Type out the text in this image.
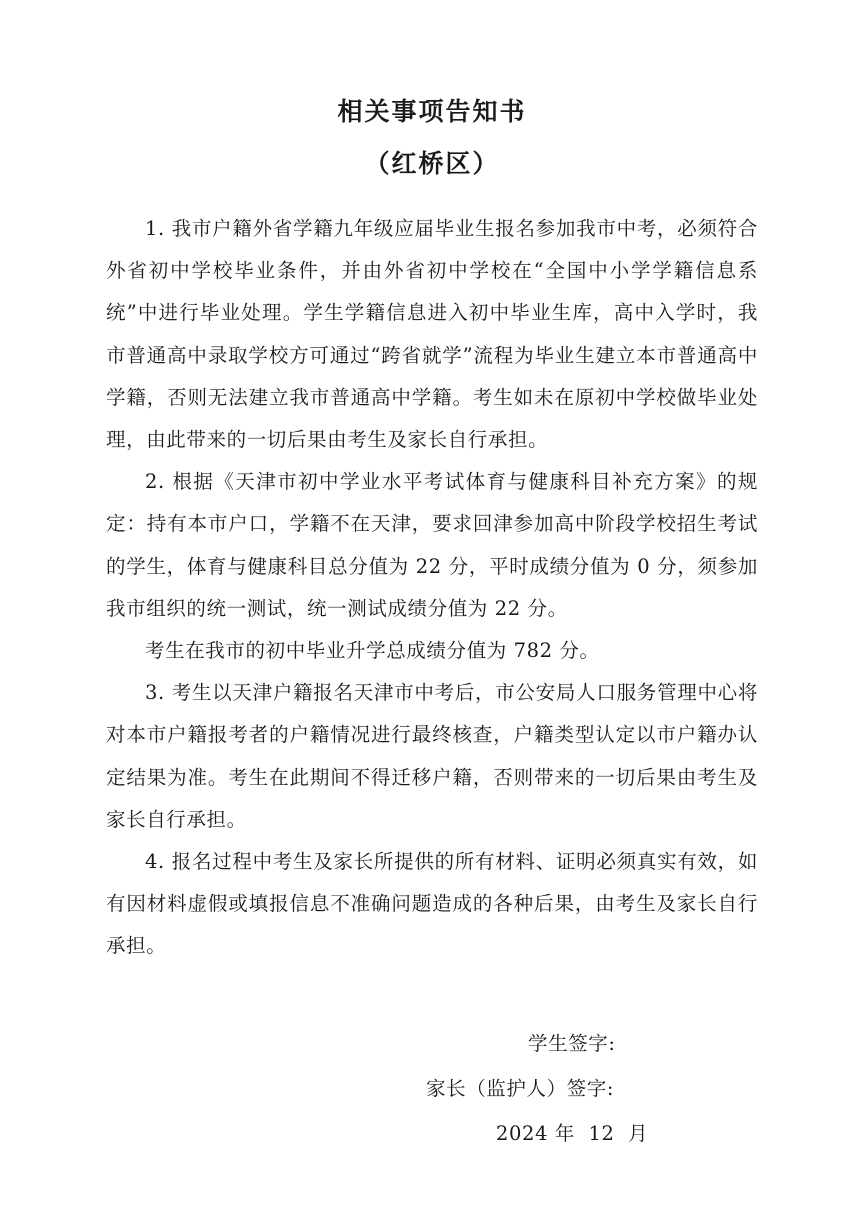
相关事项告知书
（红桥区）

1. 我市户籍外省学籍九年级应届毕业生报名参加我市中考，必须符合外省初中学校毕业条件，并由外省初中学校在“全国中小学学籍信息系统”中进行毕业处理。学生学籍信息进入初中毕业生库，高中入学时，我市普通高中录取学校方可通过“跨省就学”流程为毕业生建立本市普通高中学籍，否则无法建立我市普通高中学籍。考生如未在原初中学校做毕业处理，由此带来的一切后果由考生及家长自行承担。

2. 根据《天津市初中学业水平考试体育与健康科目补充方案》的规定：持有本市户口，学籍不在天津，要求回津参加高中阶段学校招生考试的学生，体育与健康科目总分值为 22 分，平时成绩分值为 0 分，须参加我市组织的统一测试，统一测试成绩分值为 22 分。

考生在我市的初中毕业升学总成绩分值为 782 分。

3. 考生以天津户籍报名天津市中考后，市公安局人口服务管理中心将对本市户籍报考者的户籍情况进行最终核查，户籍类型认定以市户籍办认定结果为准。考生在此期间不得迁移户籍，否则带来的一切后果由考生及家长自行承担。

4. 报名过程中考生及家长所提供的所有材料、证明必须真实有效，如有因材料虚假或填报信息不准确问题造成的各种后果，由考生及家长自行承担。

学生签字:
家长（监护人）签字:
2024 年  12  月
